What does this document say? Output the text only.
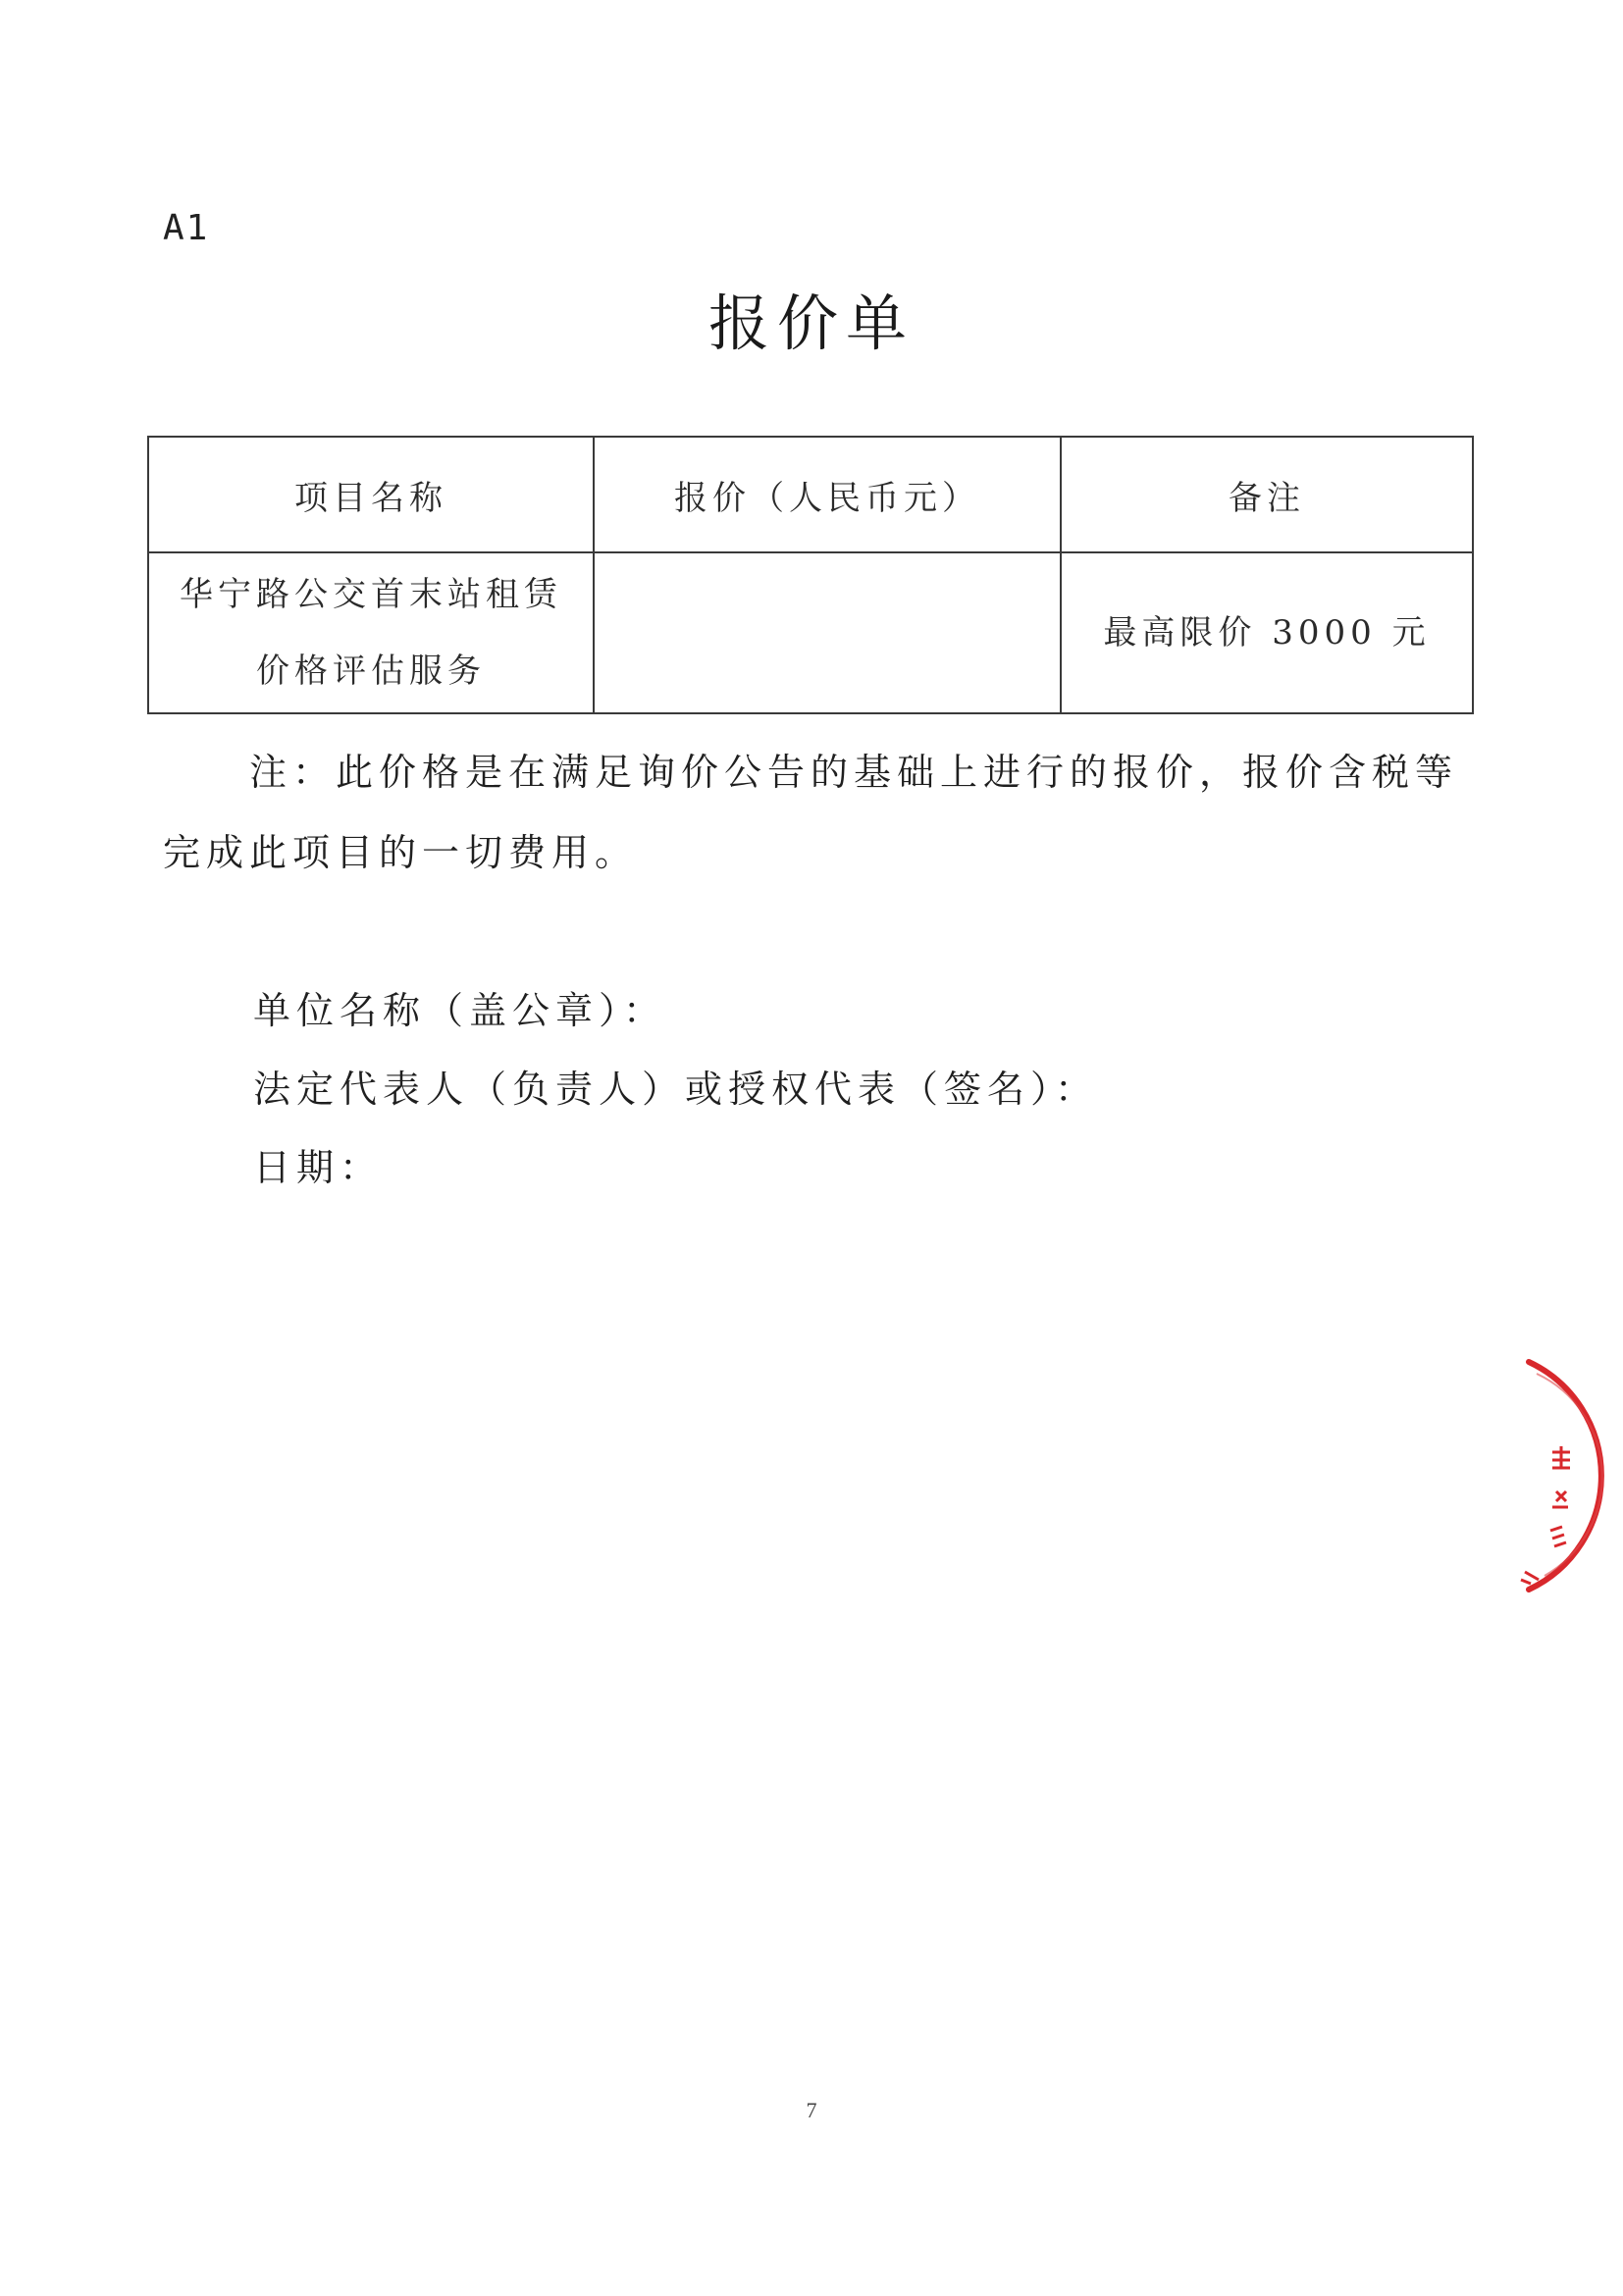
A1
报价单
项目名称	报价（人民币元）	备注

华宁路公交首末站租赁
价格评估服务		最高限价 3000 元

注：此价格是在满足询价公告的基础上进行的报价，报价含税等完成此项目的一切费用。

单位名称（盖公章）：
法定代表人（负责人）或授权代表（签名）：
日期：
7
